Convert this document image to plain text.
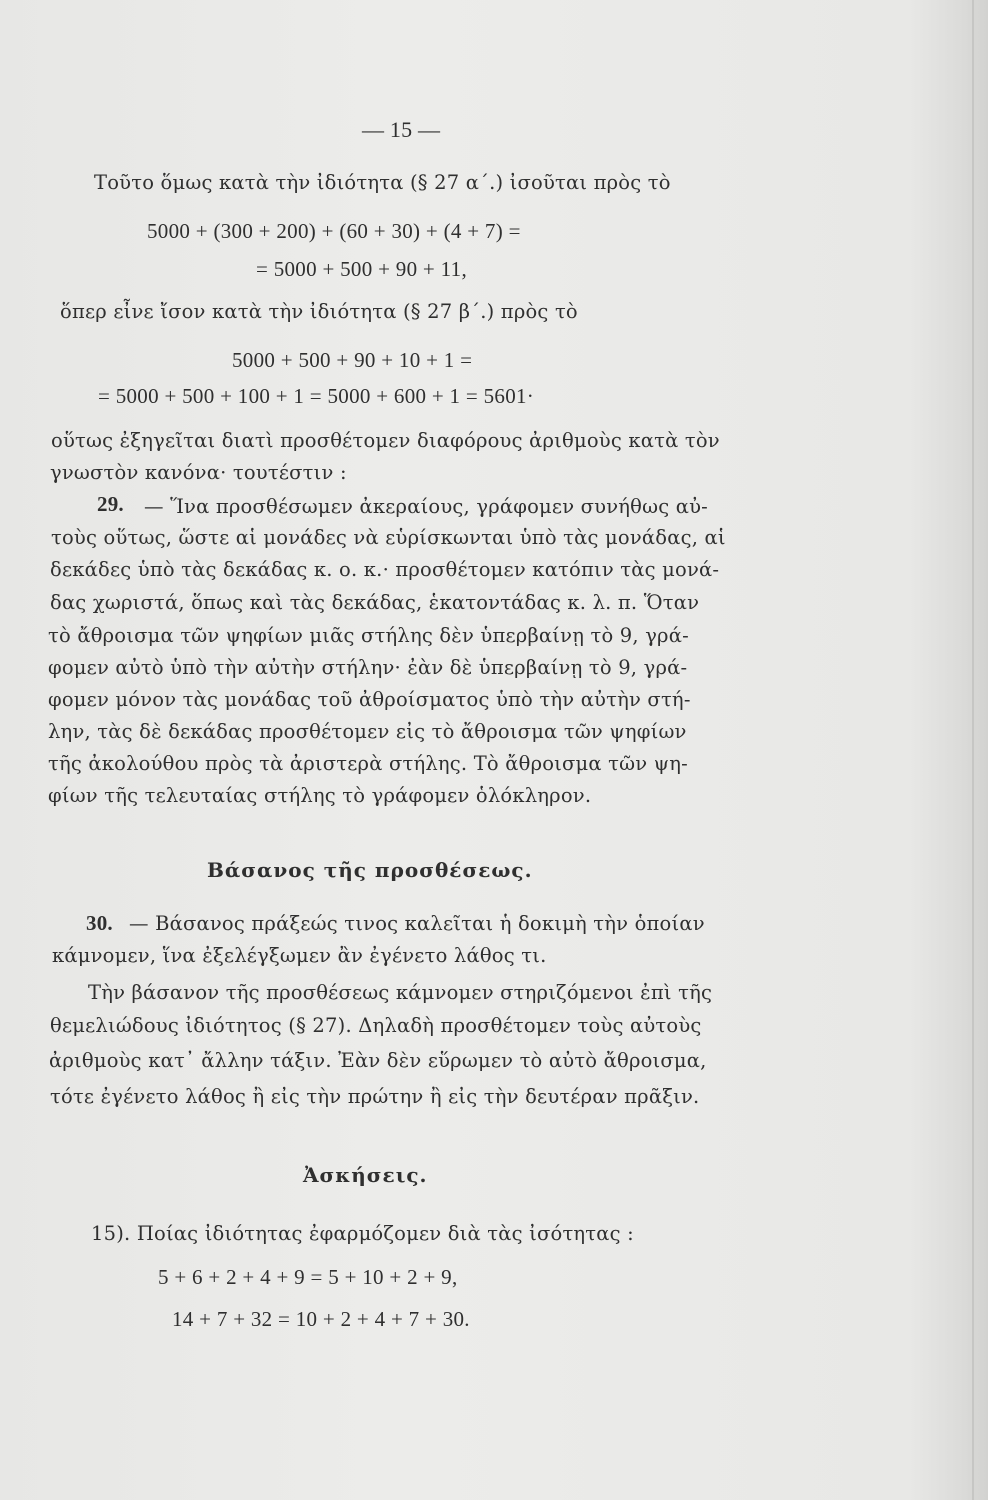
— 15 —
Τοῦτο ὅμως κατὰ τὴν ἰδιότητα (§ 27 α΄.) ἰσοῦται πρὸς τὸ
5000 + (300 + 200) + (60 + 30) + (4 + 7) =
= 5000 + 500 + 90 + 11,
ὅπερ εἶνε ἴσον κατὰ τὴν ἰδιότητα (§ 27 β΄.) πρὸς τὸ
5000 + 500 + 90 + 10 + 1 =
= 5000 + 500 + 100 + 1 = 5000 + 600 + 1 = 5601·
οὕτως ἐξηγεῖται διατὶ προσθέτομεν διαφόρους ἀριθμοὺς κατὰ τὸν
γνωστὸν κανόνα· τουτέστιν :
29. — Ἵνα προσθέσωμεν ἀκεραίους, γράφομεν συνήθως αὐ-
τοὺς οὕτως, ὥστε αἱ μονάδες νὰ εὑρίσκωνται ὑπὸ τὰς μονάδας, αἱ
δεκάδες ὑπὸ τὰς δεκάδας κ. ο. κ.· προσθέτομεν κατόπιν τὰς μονά-
δας χωριστά, ὅπως καὶ τὰς δεκάδας, ἑκατοντάδας κ. λ. π. Ὅταν
τὸ ἄθροισμα τῶν ψηφίων μιᾶς στήλης δὲν ὑπερβαίνῃ τὸ 9, γρά-
φομεν αὐτὸ ὑπὸ τὴν αὐτὴν στήλην· ἐὰν δὲ ὑπερβαίνῃ τὸ 9, γρά-
φομεν μόνον τὰς μονάδας τοῦ ἀθροίσματος ὑπὸ τὴν αὐτὴν στή-
λην, τὰς δὲ δεκάδας προσθέτομεν εἰς τὸ ἄθροισμα τῶν ψηφίων
τῆς ἀκολούθου πρὸς τὰ ἀριστερὰ στήλης. Τὸ ἄθροισμα τῶν ψη-
φίων τῆς τελευταίας στήλης τὸ γράφομεν ὁλόκληρον.
Βάσανος τῆς προσθέσεως.
30. — Βάσανος πράξεώς τινος καλεῖται ἡ δοκιμὴ τὴν ὁποίαν
κάμνομεν, ἵνα ἐξελέγξωμεν ἂν ἐγένετο λάθος τι.
Τὴν βάσανον τῆς προσθέσεως κάμνομεν στηριζόμενοι ἐπὶ τῆς
θεμελιώδους ἰδιότητος (§ 27). Δηλαδὴ προσθέτομεν τοὺς αὐτοὺς
ἀριθμοὺς κατ᾽ ἄλλην τάξιν. Ἐὰν δὲν εὕρωμεν τὸ αὐτὸ ἄθροισμα,
τότε ἐγένετο λάθος ἢ εἰς τὴν πρώτην ἢ εἰς τὴν δευτέραν πρᾶξιν.
Ἀσκήσεις.
15). Ποίας ἰδιότητας ἐφαρμόζομεν διὰ τὰς ἰσότητας :
5 + 6 + 2 + 4 + 9 = 5 + 10 + 2 + 9,
14 + 7 + 32 = 10 + 2 + 4 + 7 + 30.
